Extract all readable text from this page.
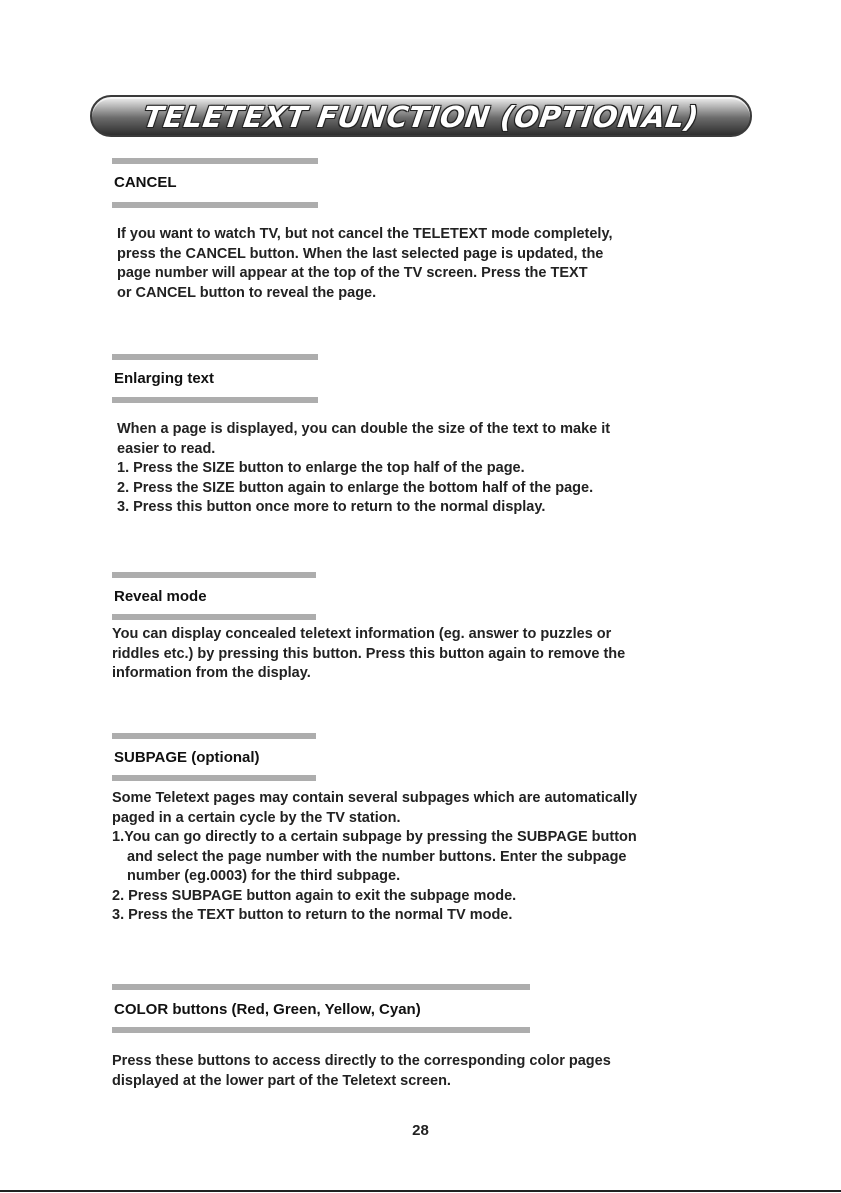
TELETEXT FUNCTION (OPTIONAL)
CANCEL
If you want to watch TV, but not cancel the TELETEXT mode completely,
press the CANCEL button. When the last selected page is updated, the
page number will appear at the top of the TV screen. Press the TEXT
or CANCEL button to reveal the page.
Enlarging text
When a page is displayed, you can double the size of the text to make it
easier to read.
1. Press the SIZE button to enlarge the top half of the page.
2. Press the SIZE button again to enlarge the bottom half of the page.
3. Press this button once more to return to the normal display.
Reveal mode
You can display concealed teletext information (eg. answer to puzzles or
riddles etc.) by pressing this button. Press this button again to remove the
information from the display.
SUBPAGE (optional)
Some Teletext pages may contain several subpages which are automatically
paged in a certain cycle by the TV station.
1.You can go directly to a certain subpage by pressing the SUBPAGE button
and select the page number with the number buttons. Enter the subpage
number (eg.0003) for the third subpage.
2. Press SUBPAGE button again to exit the subpage mode.
3. Press the TEXT button to return to the normal TV mode.
COLOR buttons (Red, Green, Yellow, Cyan)
Press these buttons to access directly to the corresponding color pages
displayed at the lower part of the Teletext screen.
28
